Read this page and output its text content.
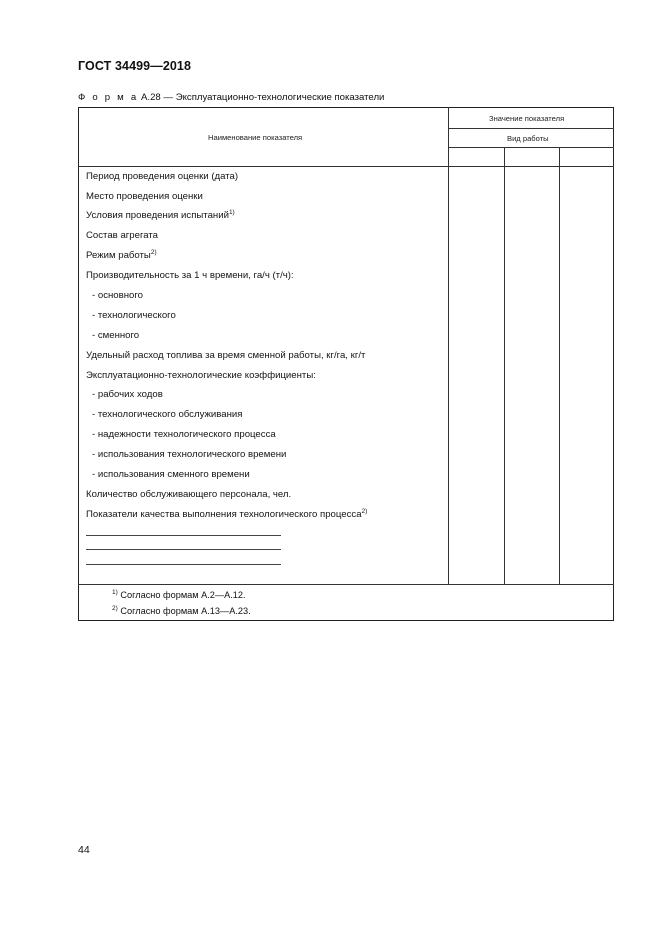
ГОСТ 34499—2018
Ф о р м а А.28 — Эксплуатационно-технологические показатели
Наименование показателя
Значение показателя
Вид работы
Период проведения оценки (дата)
Место проведения оценки
Условия проведения испытаний$^{1)}$
Состав агрегата
Режим работы$^{2)}$
Производительность за 1 ч времени, га/ч (т/ч):
- основного
- технологического
- сменного
Удельный расход топлива за время сменной работы, кг/га, кг/т
Эксплуатационно-технологические коэффициенты:
- рабочих ходов
- технологического обслуживания
- надежности технологического процесса
- использования технологического времени
- использования сменного времени
Количество обслуживающего персонала, чел.
Показатели качества выполнения технологического процесса$^{2)}$
$^{1)}$ Согласно формам А.2—А.12.
$^{2)}$ Согласно формам А.13—А.23.
44
